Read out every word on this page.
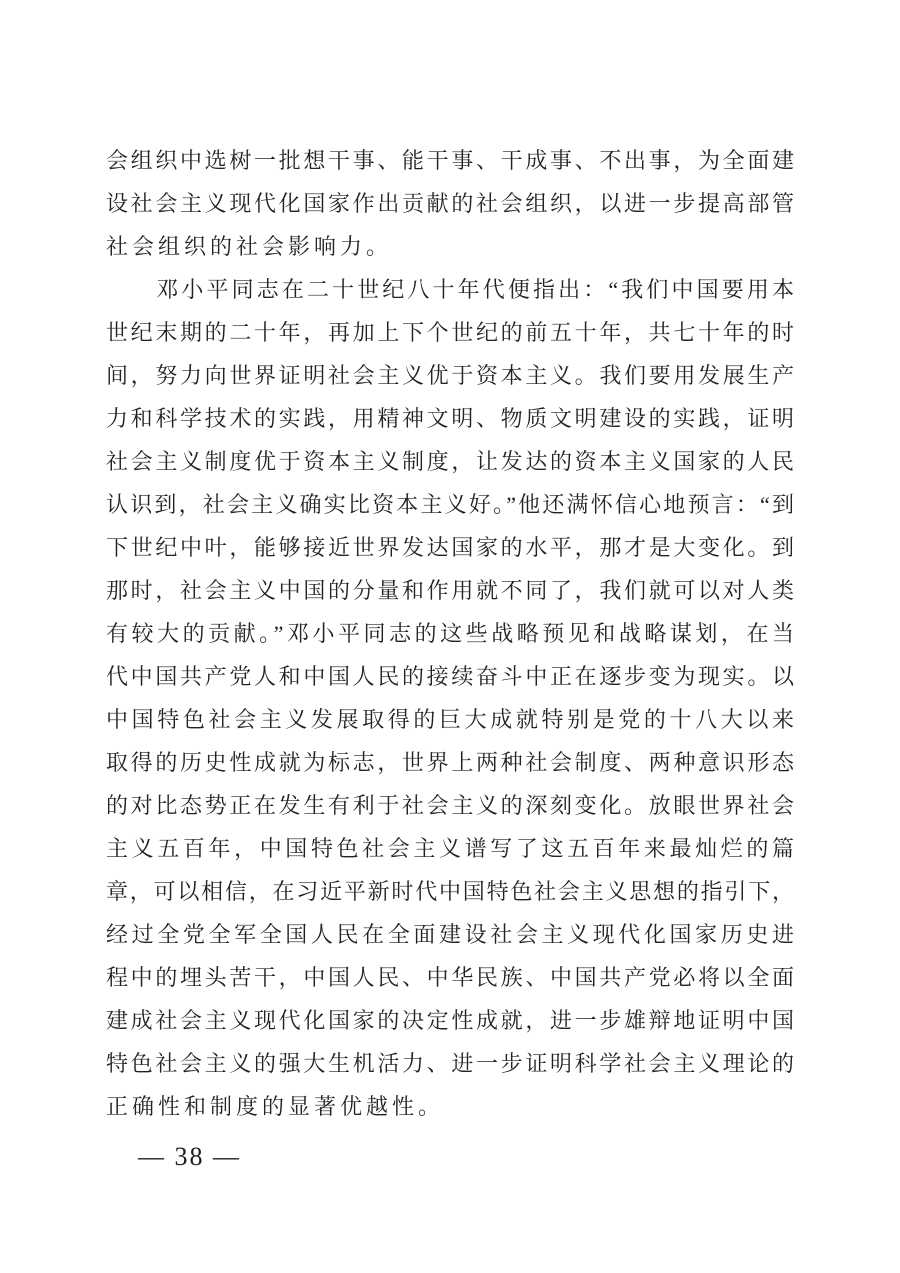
会组织中选树一批想干事、能干事、干成事、不出事，为全面建
设社会主义现代化国家作出贡献的社会组织，以进一步提高部管
社会组织的社会影响力。
　　邓小平同志在二十世纪八十年代便指出：“我们中国要用本
世纪末期的二十年，再加上下个世纪的前五十年，共七十年的时
间，努力向世界证明社会主义优于资本主义。我们要用发展生产
力和科学技术的实践，用精神文明、物质文明建设的实践，证明
社会主义制度优于资本主义制度，让发达的资本主义国家的人民
认识到，社会主义确实比资本主义好。”他还满怀信心地预言：“到
下世纪中叶，能够接近世界发达国家的水平，那才是大变化。到
那时，社会主义中国的分量和作用就不同了，我们就可以对人类
有较大的贡献。”邓小平同志的这些战略预见和战略谋划，在当
代中国共产党人和中国人民的接续奋斗中正在逐步变为现实。以
中国特色社会主义发展取得的巨大成就特别是党的十八大以来
取得的历史性成就为标志，世界上两种社会制度、两种意识形态
的对比态势正在发生有利于社会主义的深刻变化。放眼世界社会
主义五百年，中国特色社会主义谱写了这五百年来最灿烂的篇
章，可以相信，在习近平新时代中国特色社会主义思想的指引下，
经过全党全军全国人民在全面建设社会主义现代化国家历史进
程中的埋头苦干，中国人民、中华民族、中国共产党必将以全面
建成社会主义现代化国家的决定性成就，进一步雄辩地证明中国
特色社会主义的强大生机活力、进一步证明科学社会主义理论的
正确性和制度的显著优越性。
— 38 —
